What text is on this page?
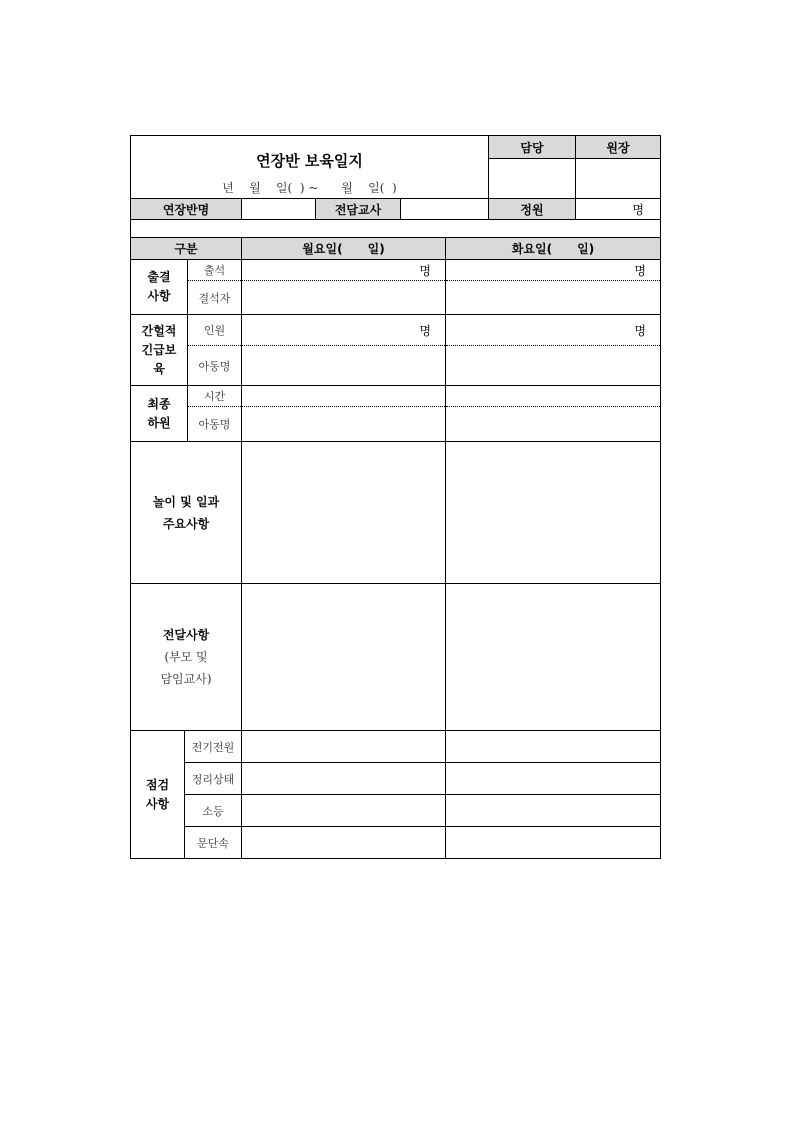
연장반 보육일지				담당	원장

년    월    일(  ) ~      월    일(  )					
연장반명		전담교사		정원	명

구분		월요일(      일)	화요일(      일)

출결
사항	출석	명	명
	결석자		

간헐적
긴급보
육	인원	명	명
	아동명		

최종
하원	시간		
	아동명		

놀이 및 일과
주요사항			

전달사항
(부모 및
담임교사)			

점검
사항	전기전원		
	정리상태		
	소등		
	문단속		
